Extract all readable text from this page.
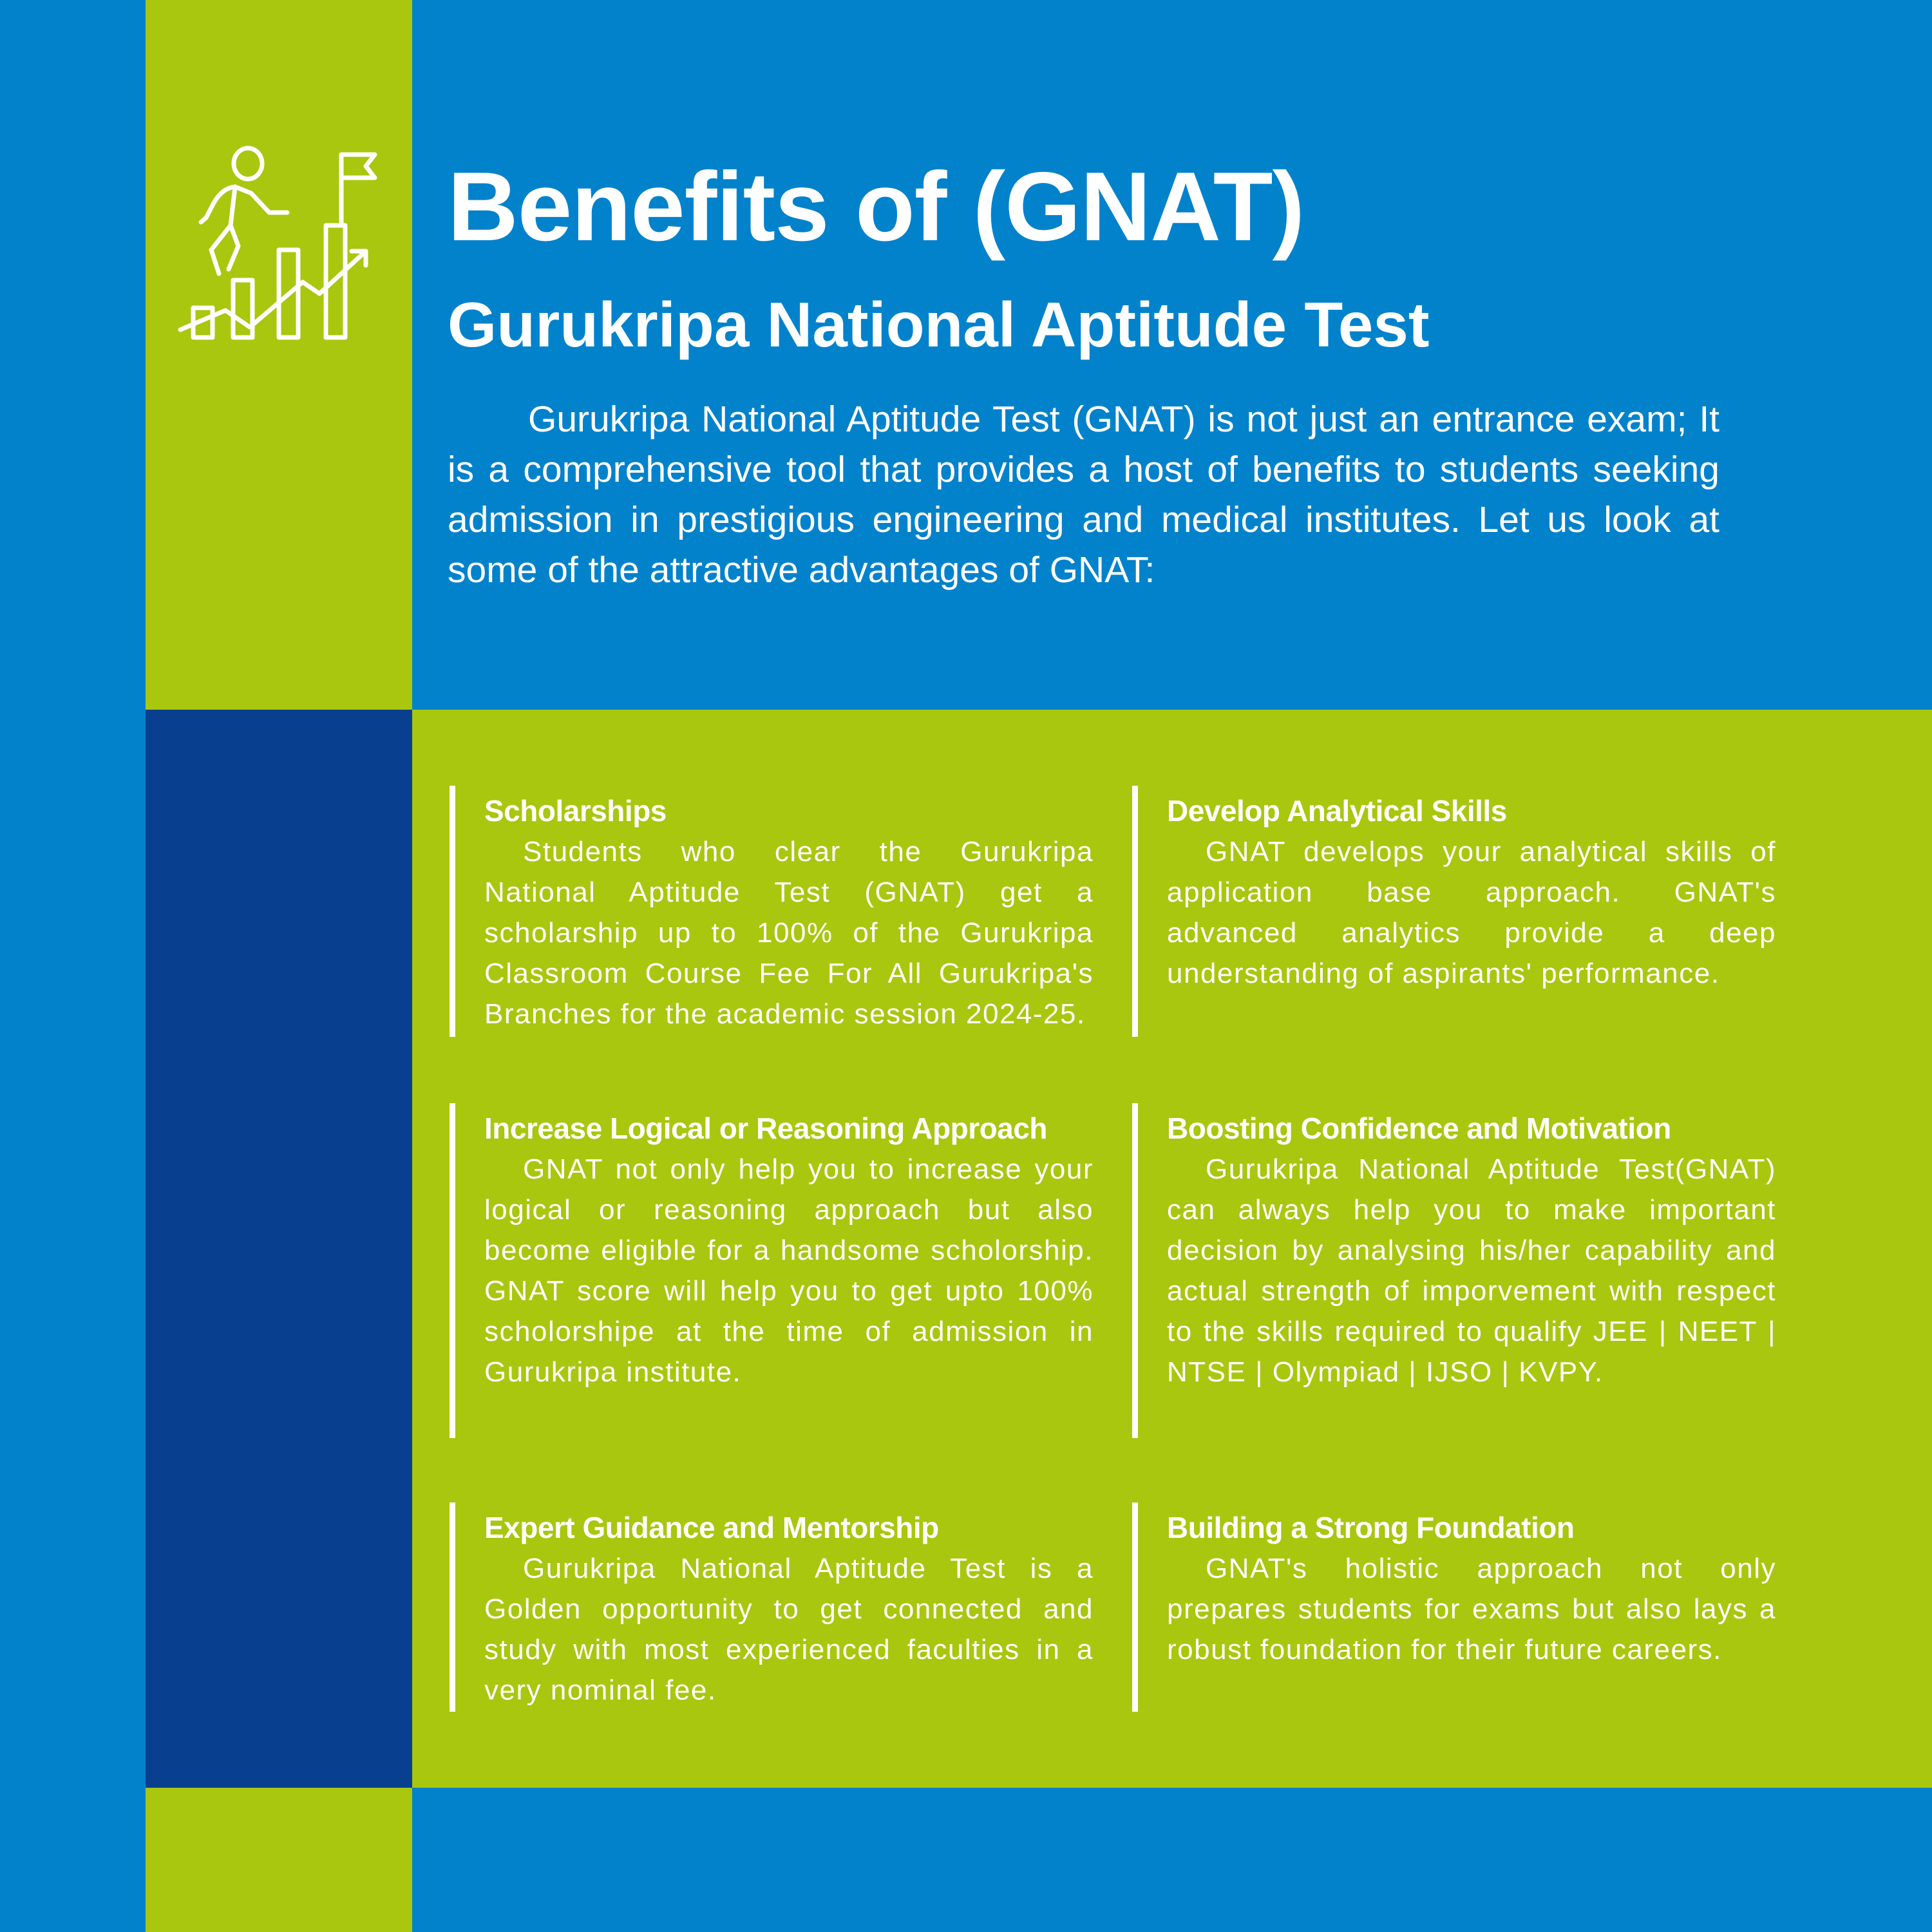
Benefits of (GNAT)
Gurukripa National Aptitude Test

Gurukripa National Aptitude Test (GNAT) is not just an entrance exam; It is a comprehensive tool that provides a host of benefits to students seeking admission in prestigious engineering and medical institutes. Let us look at some of the attractive advantages of GNAT:

Scholarships

Students who clear the Gurukripa National Aptitude Test (GNAT) get a scholarship up to 100% of the Gurukripa Classroom Course Fee For All Gurukripa's Branches for the academic session 2024-25.

Develop Analytical Skills

GNAT develops your analytical skills of application base approach. GNAT's advanced analytics provide a deep understanding of aspirants' performance.

Increase Logical or Reasoning Approach

GNAT not only help you to increase your logical or reasoning approach but also become eligible for a handsome scholorship. GNAT score will help you to get upto 100% scholorshipe at the time of admission in Gurukripa institute.

Boosting Confidence and Motivation

Gurukripa National Aptitude Test(GNAT) can always help you to make important decision by analysing his/her capability and actual strength of imporvement with respect to the skills required to qualify JEE | NEET | NTSE | Olympiad | IJSO | KVPY.

Expert Guidance and Mentorship

Gurukripa National Aptitude Test is a Golden opportunity to get connected and study with most experienced faculties in a very nominal fee.

Building a Strong Foundation

GNAT's holistic approach not only prepares students for exams but also lays a robust foundation for their future careers.
